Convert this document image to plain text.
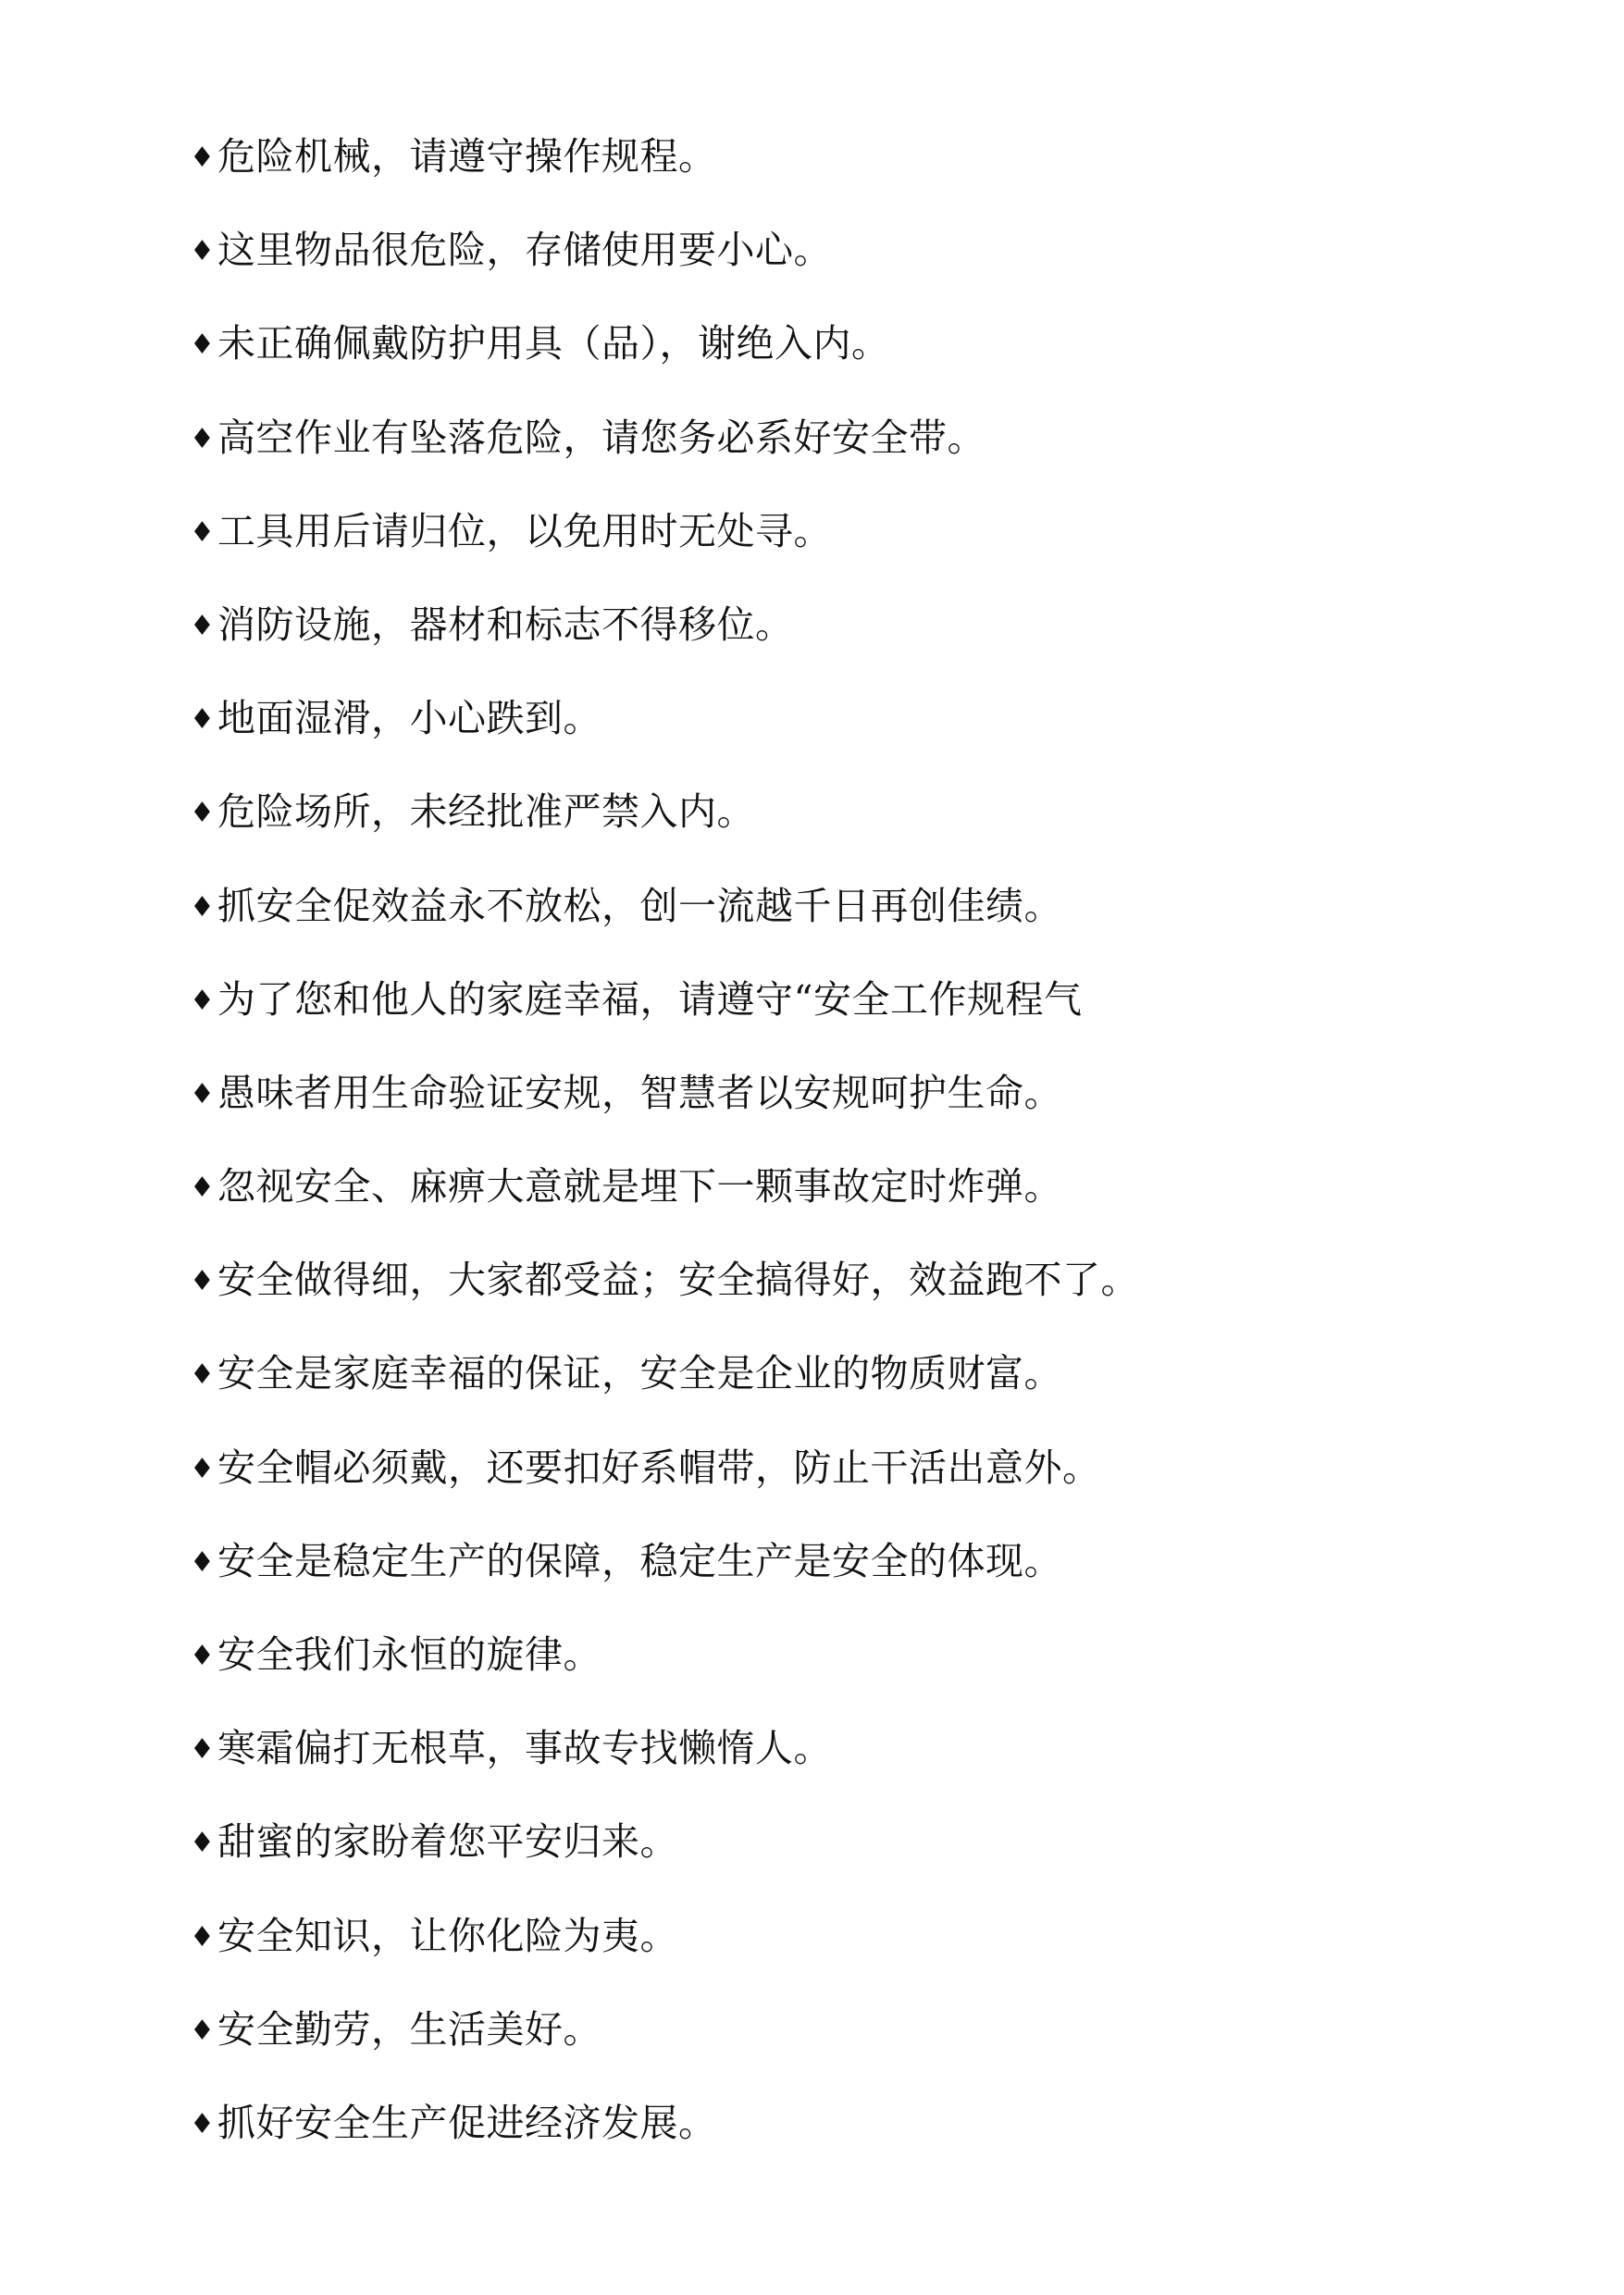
♦危险机械，请遵守操作规程。
♦这里物品很危险，存储使用要小心。
♦未正确佩戴防护用具（品），谢绝入内。
♦高空作业有坠落危险，请您务必系好安全带。
♦工具用后请归位，以免用时无处寻。
♦消防设施，器材和标志不得移位。
♦地面湿滑，小心跌到。
♦危险场所，未经批准严禁入内。
♦抓安全促效益永不放松，创一流越千日再创佳绩。
♦为了您和他人的家庭幸福，请遵守“安全工作规程气
♦愚味者用生命验证安规，智慧者以安规呵护生命。
♦忽视安全、麻痹大意就是埋下一颗事故定时炸弹。
♦安全做得细，大家都受益；安全搞得好，效益跑不了。
♦安全是家庭幸福的保证，安全是企业的物质财富。
♦安全帽必须戴，还要扣好系帽带，防止干活出意外。
♦安全是稳定生产的保障，稳定生产是安全的体现。
♦安全我们永恒的旋律。
♦寒霜偏打无根草，事故专找懒惰人。
♦甜蜜的家盼着您平安归来。
♦安全知识，让你化险为夷。
♦安全勤劳，生活美好。
♦抓好安全生产促进经济发展。
